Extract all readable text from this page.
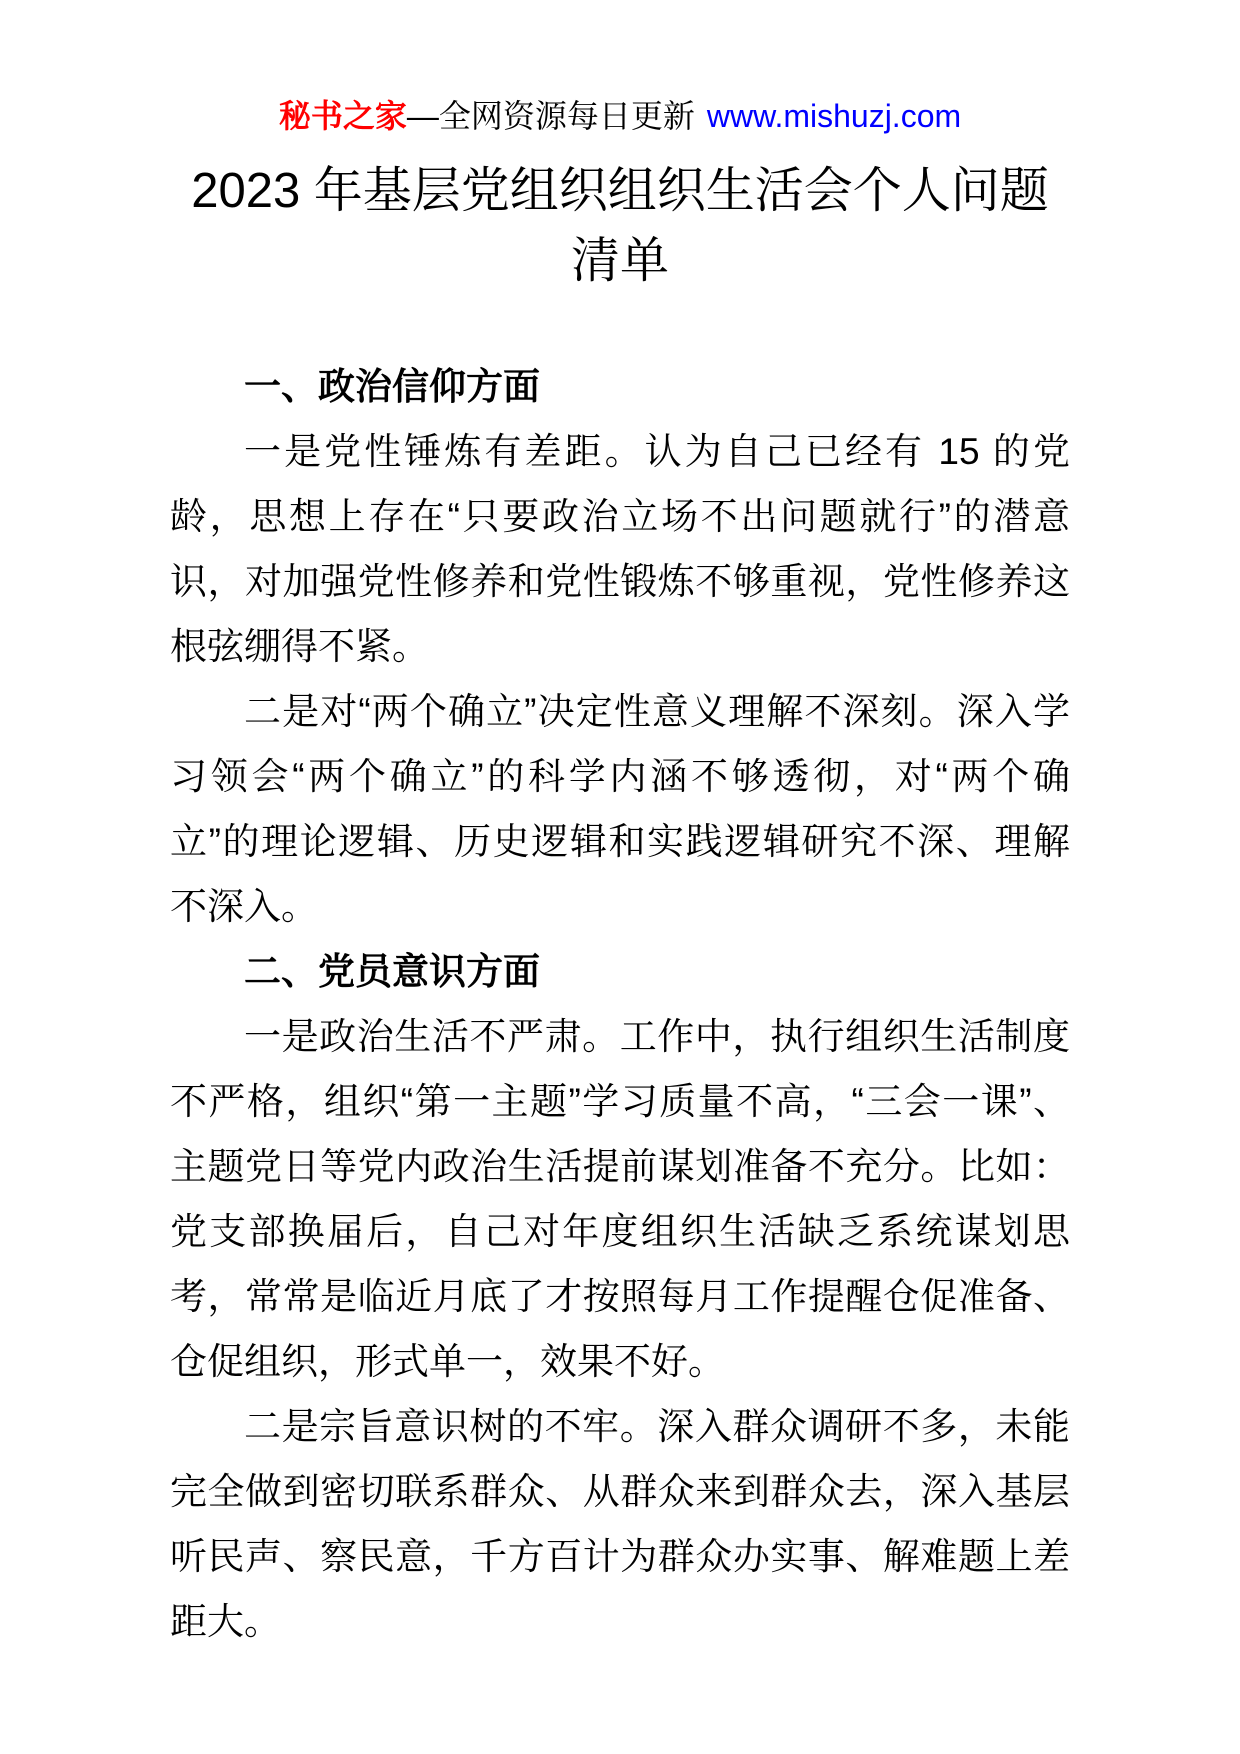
秘书之家—全网资源每日更新 www.mishuzj.com
2023 年基层党组织组织生活会个人问题
清单
一、政治信仰方面

一是党性锤炼有差距。认为自己已经有 15 的党龄，思想上存在“只要政治立场不出问题就行”的潜意识，对加强党性修养和党性锻炼不够重视，党性修养这根弦绷得不紧。

二是对“两个确立”决定性意义理解不深刻。深入学习领会“两个确立”的科学内涵不够透彻，对“两个确立”的理论逻辑、历史逻辑和实践逻辑研究不深、理解不深入。

二、党员意识方面

一是政治生活不严肃。工作中，执行组织生活制度不严格，组织“第一主题”学习质量不高，“三会一课”、主题党日等党内政治生活提前谋划准备不充分。比如：党支部换届后，自己对年度组织生活缺乏系统谋划思考，常常是临近月底了才按照每月工作提醒仓促准备、仓促组织，形式单一，效果不好。

二是宗旨意识树的不牢。深入群众调研不多，未能完全做到密切联系群众、从群众来到群众去，深入基层听民声、察民意，千方百计为群众办实事、解难题上差距大。
